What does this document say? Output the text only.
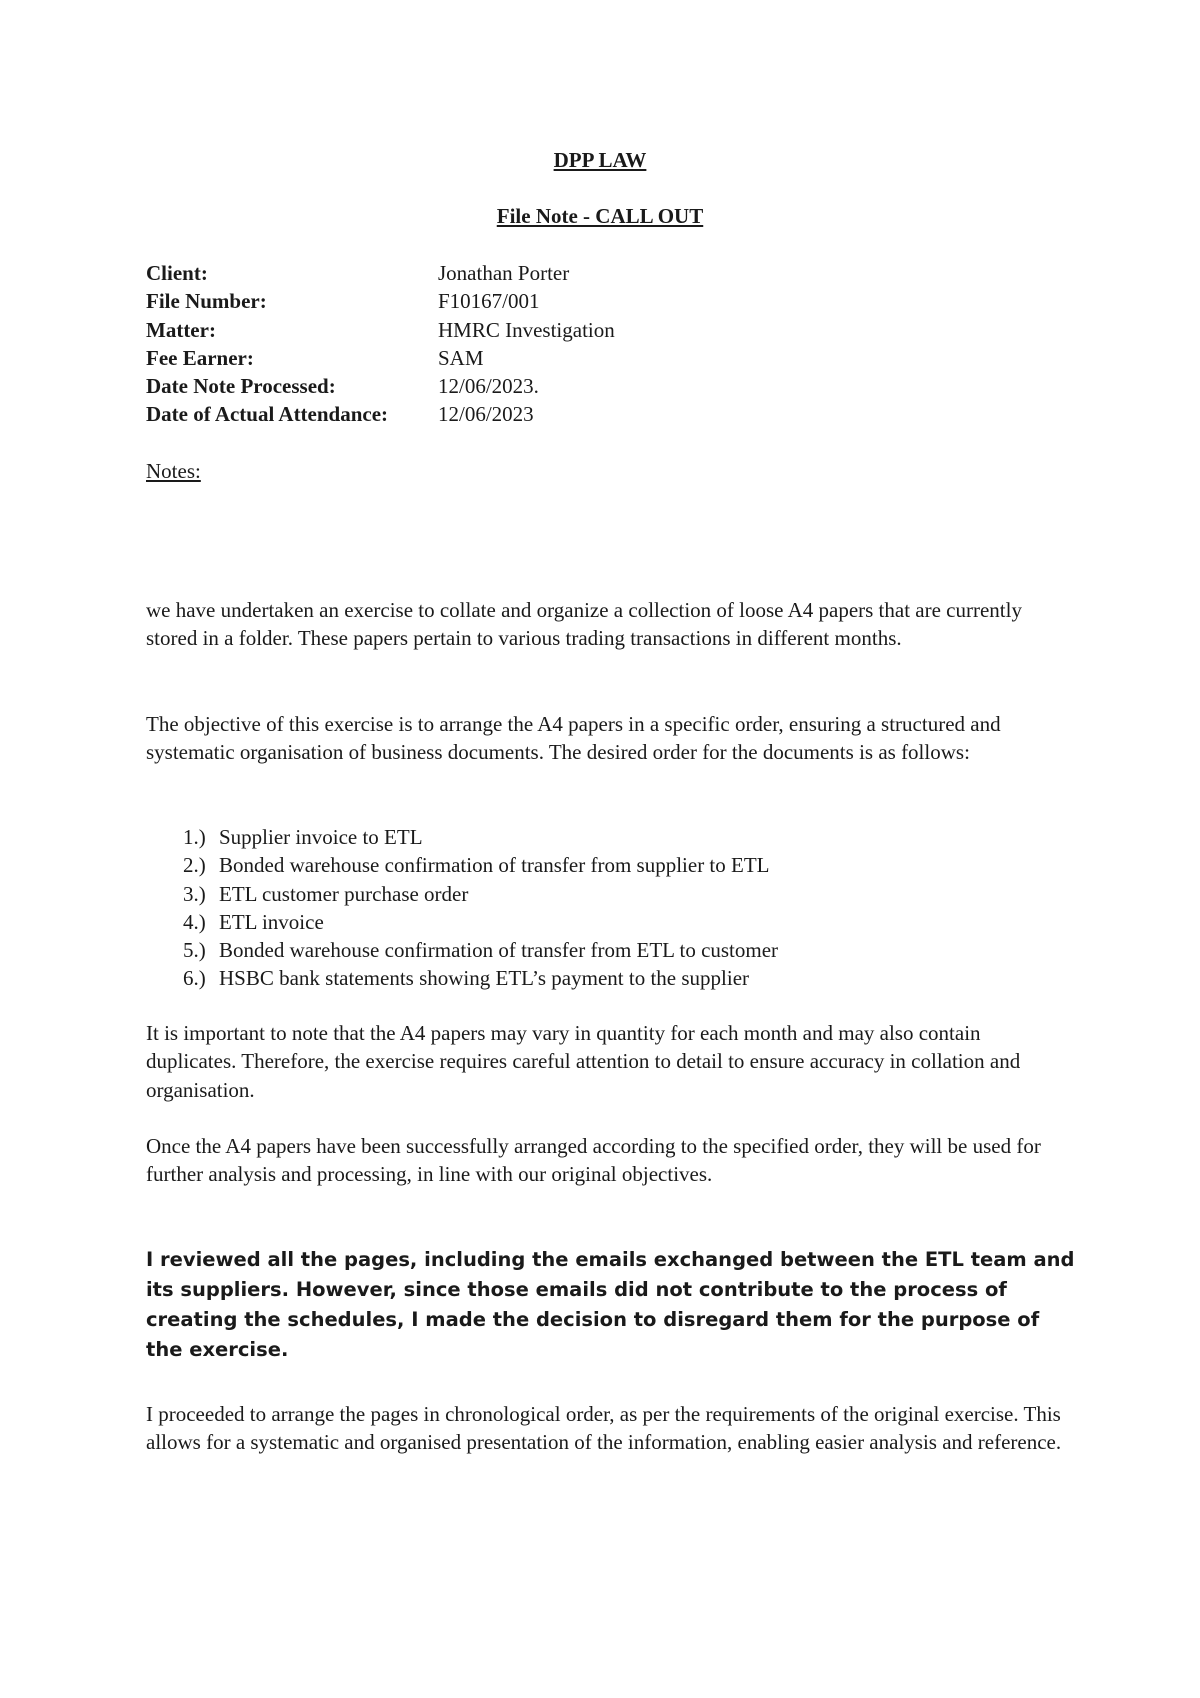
DPP LAW
File Note - CALL OUT
Client:	Jonathan Porter
File Number:	F10167/001
Matter:	HMRC Investigation
Fee Earner:	SAM
Date Note Processed:	12/06/2023.
Date of Actual Attendance:	12/06/2023
Notes:

we have undertaken an exercise to collate and organize a collection of loose A4 papers that are currently stored in a folder. These papers pertain to various trading transactions in different months.

The objective of this exercise is to arrange the A4 papers in a specific order, ensuring a structured and systematic organisation of business documents. The desired order for the documents is as follows:

1.) Supplier invoice to ETL
2.) Bonded warehouse confirmation of transfer from supplier to ETL
3.) ETL customer purchase order
4.) ETL invoice
5.) Bonded warehouse confirmation of transfer from ETL to customer
6.) HSBC bank statements showing ETL’s payment to the supplier

It is important to note that the A4 papers may vary in quantity for each month and may also contain duplicates. Therefore, the exercise requires careful attention to detail to ensure accuracy in collation and organisation.

Once the A4 papers have been successfully arranged according to the specified order, they will be used for further analysis and processing, in line with our original objectives.

I reviewed all the pages, including the emails exchanged between the ETL team and its suppliers. However, since those emails did not contribute to the process of creating the schedules, I made the decision to disregard them for the purpose of the exercise.

I proceeded to arrange the pages in chronological order, as per the requirements of the original exercise. This allows for a systematic and organised presentation of the information, enabling easier analysis and reference.
